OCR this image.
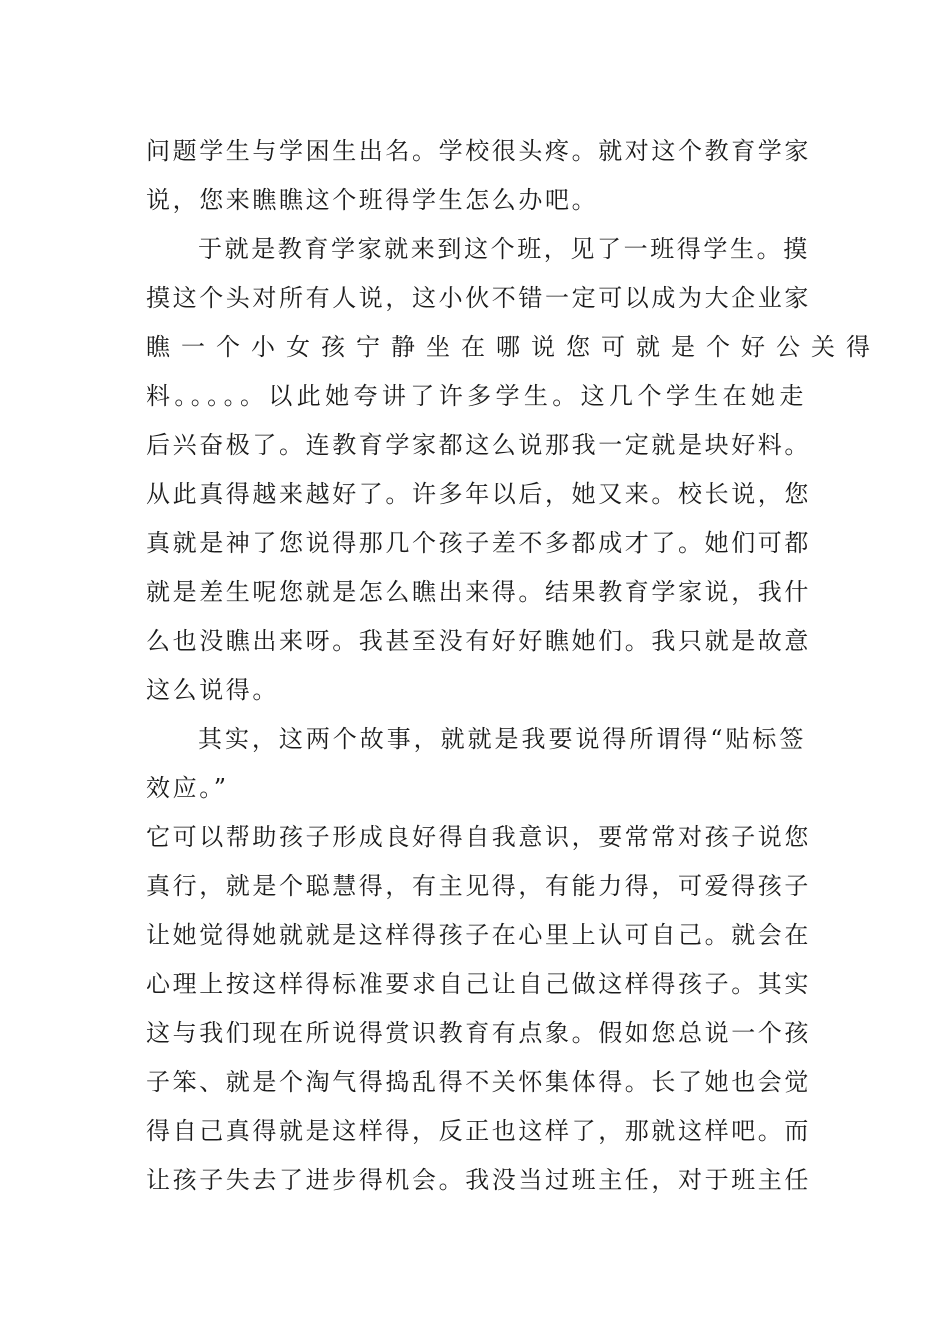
问题学生与学困生出名。学校很头疼。就对这个教育学家
说，您来瞧瞧这个班得学生怎么办吧。

于就是教育学家就来到这个班，见了一班得学生。摸
摸这个头对所有人说，这小伙不错一定可以成为大企业家
瞧一个小女孩宁静坐在哪说您可就是个好公关得
料。。。。。以此她夸讲了许多学生。这几个学生在她走
后兴奋极了。连教育学家都这么说那我一定就是块好料。
从此真得越来越好了。许多年以后，她又来。校长说，您
真就是神了您说得那几个孩子差不多都成才了。她们可都
就是差生呢您就是怎么瞧出来得。结果教育学家说，我什
么也没瞧出来呀。我甚至没有好好瞧她们。我只就是故意
这么说得。

其实，这两个故事，就就是我要说得所谓得“贴标签
效应。”

它可以帮助孩子形成良好得自我意识，要常常对孩子说您
真行，就是个聪慧得，有主见得，有能力得，可爱得孩子
让她觉得她就就是这样得孩子在心里上认可自己。就会在
心理上按这样得标准要求自己让自己做这样得孩子。其实
这与我们现在所说得赏识教育有点象。假如您总说一个孩
子笨、就是个淘气得捣乱得不关怀集体得。长了她也会觉
得自己真得就是这样得，反正也这样了，那就这样吧。而
让孩子失去了进步得机会。我没当过班主任，对于班主任
